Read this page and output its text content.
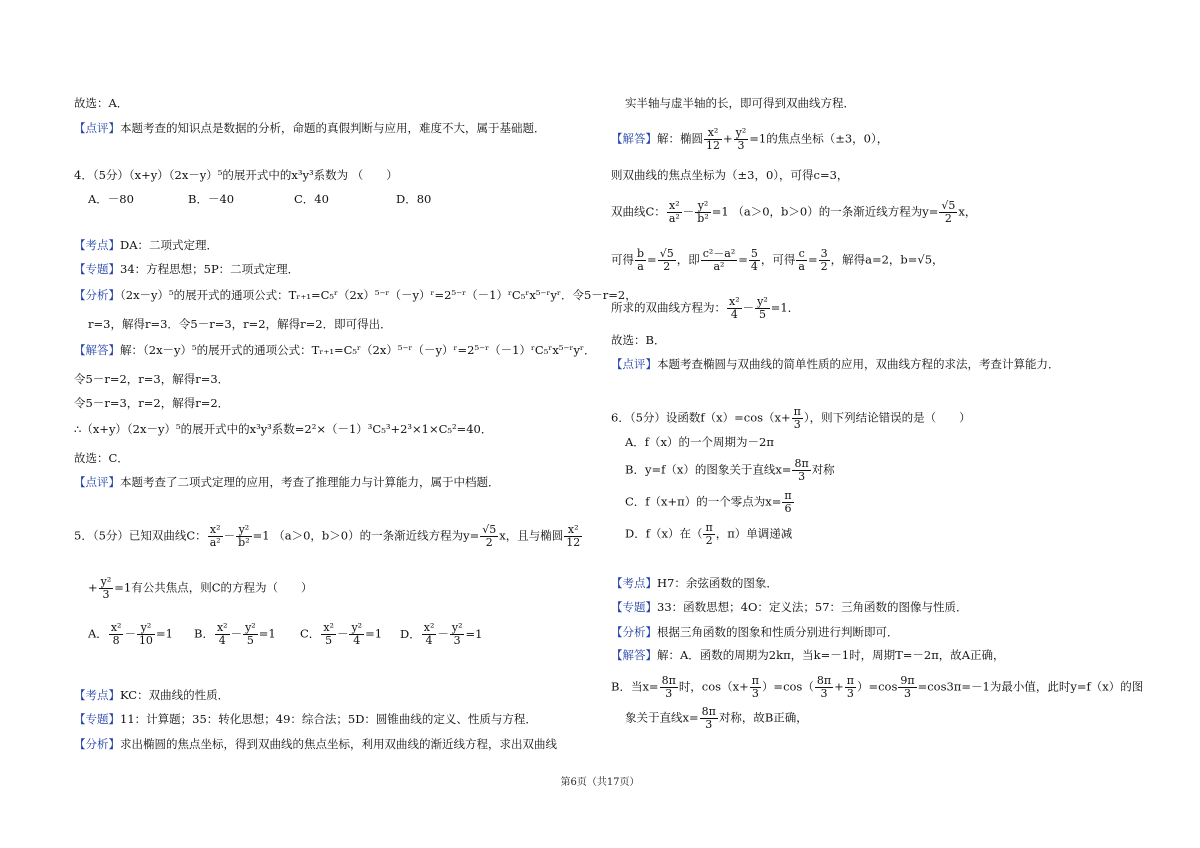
故选：A．
【点评】本题考查的知识点是数据的分析，命题的真假判断与应用，难度不大，属于基础题．
4．（5分）（x+y）（2x－y）⁵的展开式中的x³y³系数为 （　　）
A．－80	B．－40	C．40	D．80
【考点】DA：二项式定理．
【专题】34：方程思想；5P：二项式定理．
【分析】（2x－y）⁵的展开式的通项公式：Tᵣ₊₁=C₅ʳ（2x）⁵⁻ʳ（－y）ʳ=2⁵⁻ʳ（－1）ʳC₅ʳx⁵⁻ʳyʳ．令5－r=2，
r=3，解得r=3．令5－r=3，r=2，解得r=2．即可得出．
【解答】解：（2x－y）⁵的展开式的通项公式：Tᵣ₊₁=C₅ʳ（2x）⁵⁻ʳ（－y）ʳ=2⁵⁻ʳ（－1）ʳC₅ʳx⁵⁻ʳyʳ．
令5－r=2，r=3，解得r=3．
令5－r=3，r=2，解得r=2．
∴（x+y）（2x－y）⁵的展开式中的x³y³系数=2²×（－1）³C₅³+2³×1×C₅²=40．
故选：C．
【点评】本题考查了二项式定理的应用，考查了推理能力与计算能力，属于中档题．
5．（5分）已知双曲线C： $\frac{\text{x²}}{\text{a²}} - \frac{\text{y²}}{\text{b²}} =1$ （a＞0，b＞0）的一条渐近线方程为$y= \frac{√5}{2}$ x，且与椭圆 $\frac{\text{x²}}{12}$
+ $\frac{\text{y²}}{3} =1$有公共焦点，则C的方程为（　　）
A． $\frac{\text{x²}}{8} - \frac{\text{y²}}{10} =1$ B． $\frac{\text{x²}}{4} - \frac{\text{y²}}{5} =1$ C． $\frac{\text{x²}}{5} - \frac{\text{y²}}{4} =1$ D． $\frac{\text{x²}}{4} - \frac{\text{y²}}{3} =1$
【考点】KC：双曲线的性质．
【专题】11：计算题；35：转化思想；49：综合法；5D：圆锥曲线的定义、性质与方程．
【分析】求出椭圆的焦点坐标，得到双曲线的焦点坐标，利用双曲线的渐近线方程，求出双曲线
实半轴与虚半轴的长，即可得到双曲线方程．
【解答】解：椭圆 $\frac{\text{x²}}{12} + \frac{\text{y²}}{3} =1$的焦点坐标（±3，0），
则双曲线的焦点坐标为（±3，0），可得c=3，
双曲线C： $\frac{\text{x²}}{\text{a²}} - \frac{\text{y²}}{\text{b²}} =1$ （a＞0，b＞0）的一条渐近线方程为$y= \frac{√5}{2}$ x，
可得 $\frac{b}{a} = \frac{√5}{2}$ ，即 $\frac{\text{c²－a²}}{\text{a²}} = \frac{5}{4}$ ，可得 $\frac{c}{a} = \frac{3}{2}$ ，解得a=2，b=√5，
所求的双曲线方程为： $\frac{\text{x²}}{4} - \frac{\text{y²}}{5} =1$．
故选：B．
【点评】本题考查椭圆与双曲线的简单性质的应用，双曲线方程的求法，考查计算能力．
6．（5分）设函数$f(x)=\cos(x+ \frac{\pi}{3}$ ），则下列结论错误的是（　　）
A．f（x）的一个周期为－2π
B．y=f（x）的图象关于直线$x= \frac{8\pi}{3}$ 对称
C．f（x+π）的一个零点为$x= \frac{\pi}{6}$
D．f（x）在（ $\frac{\pi}{2}$ ，π）单调递减
【考点】H7：余弦函数的图象．
【专题】33：函数思想；4O：定义法；57：三角函数的图像与性质．
【分析】根据三角函数的图象和性质分别进行判断即可．
【解答】解：A．函数的周期为2kπ，当k=－1时，周期T=－2π，故A正确，
B．当$x= \frac{8\pi}{3}$ 时，$\cos(x+ \frac{\pi}{3} )=\cos( \frac{8\pi}{3} + \frac{\pi}{3} )=\cos \frac{9\pi}{3} =\cos 3\pi=-1$为最小值，此时y=f（x）的图
象关于直线$x= \frac{8\pi}{3}$ 对称，故B正确，
第6页（共17页）
